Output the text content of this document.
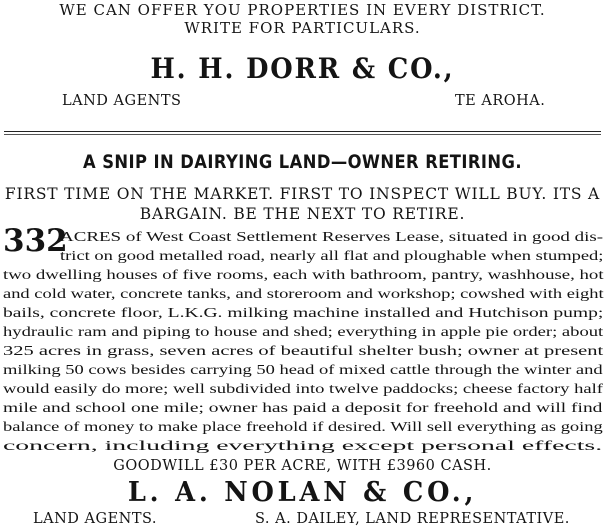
WE CAN OFFER YOU PROPERTIES IN EVERY DISTRICT.
WRITE FOR PARTICULARS.
H. H. DORR & CO.,
LAND AGENTS	TE AROHA.
A SNIP IN DAIRYING LAND—OWNER RETIRING.
FIRST TIME ON THE MARKET. FIRST TO INSPECT WILL BUY. ITS A
BARGAIN. BE THE NEXT TO RETIRE.
332
ACRES of West Coast Settlement Reserves Lease, situated in good dis-
trict on good metalled road, nearly all flat and ploughable when stumped;
two dwelling houses of five rooms, each with bathroom, pantry, washhouse, hot
and cold water, concrete tanks, and storeroom and workshop; cowshed with eight
bails, concrete floor, L.K.G. milking machine installed and Hutchison pump;
hydraulic ram and piping to house and shed; everything in apple pie order; about
325 acres in grass, seven acres of beautiful shelter bush; owner at present
milking 50 cows besides carrying 50 head of mixed cattle through the winter and
would easily do more; well subdivided into twelve paddocks; cheese factory half
mile and school one mile; owner has paid a deposit for freehold and will find
balance of money to make place freehold if desired. Will sell everything as going
concern, including everything except personal effects.
GOODWILL £30 PER ACRE, WITH £3960 CASH.
L. A. NOLAN & CO.,
LAND AGENTS.	S. A. DAILEY, LAND REPRESENTATIVE.
